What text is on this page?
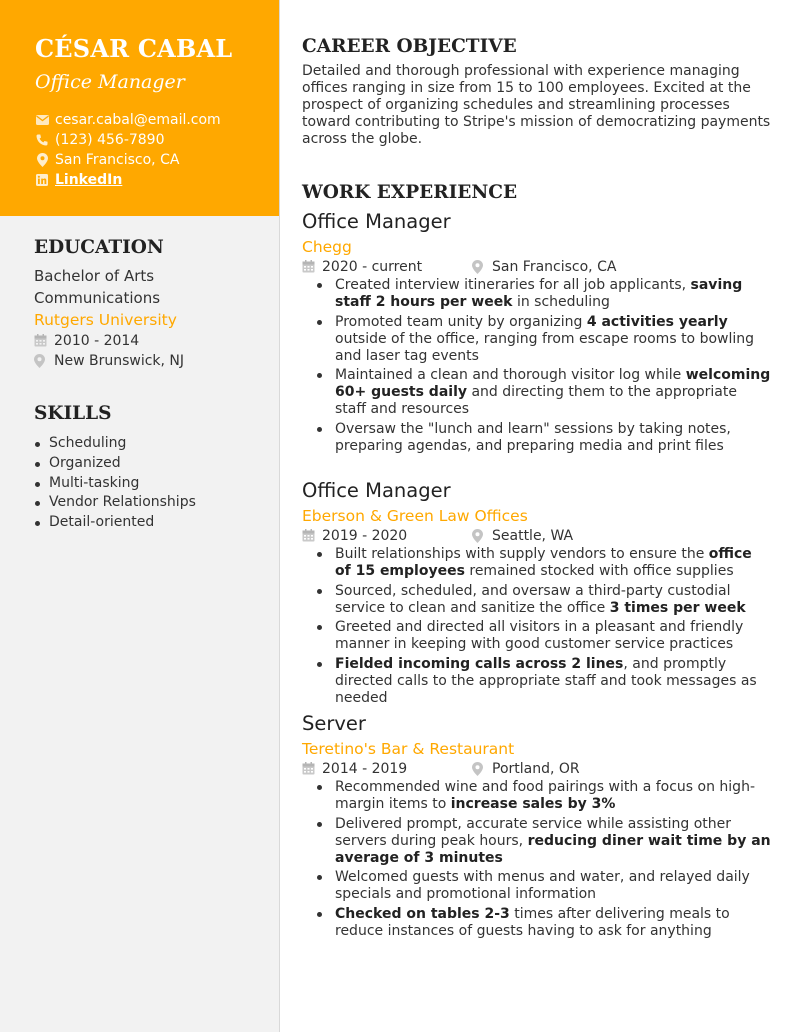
CÉSAR CABAL
Office Manager
cesar.cabal@email.com
(123) 456-7890
San Francisco, CA
LinkedIn
EDUCATION
Bachelor of Arts
Communications
Rutgers University
2010 - 2014
New Brunswick, NJ
SKILLS
Scheduling
Organized
Multi-tasking
Vendor Relationships
Detail-oriented
CAREER OBJECTIVE
Detailed and thorough professional with experience managing offices ranging in size from 15 to 100 employees. Excited at the prospect of organizing schedules and streamlining processes toward contributing to Stripe's mission of democratizing payments across the globe.
WORK EXPERIENCE
Office Manager
Chegg
2020 - current	San Francisco, CA
Created interview itineraries for all job applicants, saving staff 2 hours per week in scheduling
Promoted team unity by organizing 4 activities yearly outside of the office, ranging from escape rooms to bowling and laser tag events
Maintained a clean and thorough visitor log while welcoming 60+ guests daily and directing them to the appropriate staff and resources
Oversaw the "lunch and learn" sessions by taking notes, preparing agendas, and preparing media and print files
Office Manager
Eberson & Green Law Offices
2019 - 2020	Seattle, WA
Built relationships with supply vendors to ensure the office of 15 employees remained stocked with office supplies
Sourced, scheduled, and oversaw a third-party custodial service to clean and sanitize the office 3 times per week
Greeted and directed all visitors in a pleasant and friendly manner in keeping with good customer service practices
Fielded incoming calls across 2 lines, and promptly directed calls to the appropriate staff and took messages as needed
Server
Teretino's Bar & Restaurant
2014 - 2019	Portland, OR
Recommended wine and food pairings with a focus on high-margin items to increase sales by 3%
Delivered prompt, accurate service while assisting other servers during peak hours, reducing diner wait time by an average of 3 minutes
Welcomed guests with menus and water, and relayed daily specials and promotional information
Checked on tables 2-3 times after delivering meals to reduce instances of guests having to ask for anything
